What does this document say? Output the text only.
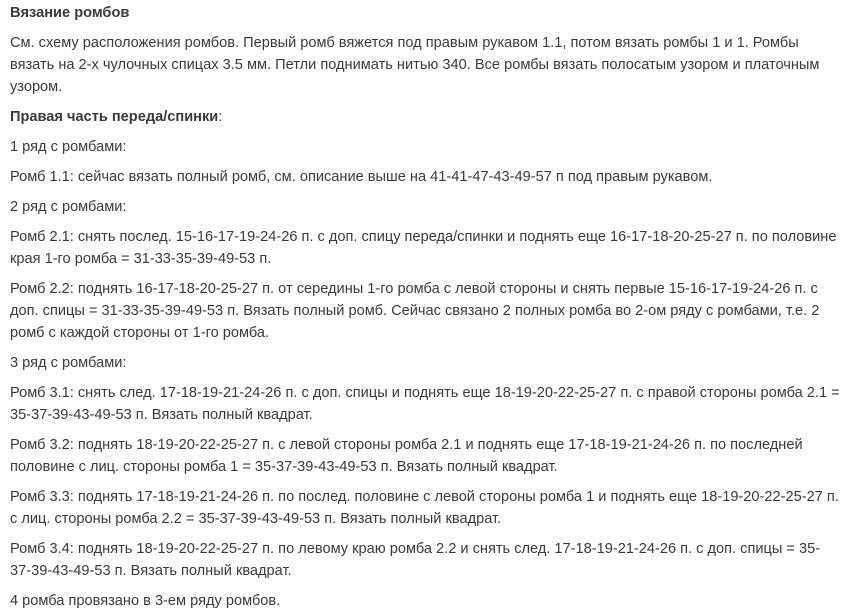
Вязание ромбов
См. схему расположения ромбов. Первый ромб вяжется под правым рукавом 1.1, потом вязать ромбы 1 и 1. Ромбы вязать на 2-х чулочных спицах 3.5 мм. Петли поднимать нитью 340. Все ромбы вязать полосатым узором и платочным узором.
Правая часть переда/спинки:
1 ряд с ромбами:
Ромб 1.1: сейчас вязать полный ромб, см. описание выше на 41-41-47-43-49-57 п под правым рукавом.
2 ряд с ромбами:
Ромб 2.1: снять послед. 15-16-17-19-24-26 п. с доп. спицу переда/спинки и поднять еще 16-17-18-20-25-27 п. по половине края 1-го ромба = 31-33-35-39-49-53 п.
Ромб 2.2: поднять 16-17-18-20-25-27 п. от середины 1-го ромба с левой стороны и снять первые 15-16-17-19-24-26 п. с доп. спицы = 31-33-35-39-49-53 п. Вязать полный ромб. Сейчас связано 2 полных ромба во 2-ом ряду с ромбами, т.е. 2 ромб с каждой стороны от 1-го ромба.
3 ряд с ромбами:
Ромб 3.1: снять след. 17-18-19-21-24-26 п. с доп. спицы и поднять еще 18-19-20-22-25-27 п. с правой стороны ромба 2.1 = 35-37-39-43-49-53 п. Вязать полный квадрат.
Ромб 3.2: поднять 18-19-20-22-25-27 п. с левой стороны ромба 2.1 и поднять еще 17-18-19-21-24-26 п. по последней половине с лиц. стороны ромба 1 = 35-37-39-43-49-53 п. Вязать полный квадрат.
Ромб 3.3: поднять 17-18-19-21-24-26 п. по послед. половине с левой стороны ромба 1 и поднять еще 18-19-20-22-25-27 п. с лиц. стороны ромба 2.2 = 35-37-39-43-49-53 п. Вязать полный квадрат.
Ромб 3.4: поднять 18-19-20-22-25-27 п. по левому краю ромба 2.2 и снять след. 17-18-19-21-24-26 п. с доп. спицы = 35-37-39-43-49-53 п. Вязать полный квадрат.
4 ромба провязано в 3-ем ряду ромбов.
